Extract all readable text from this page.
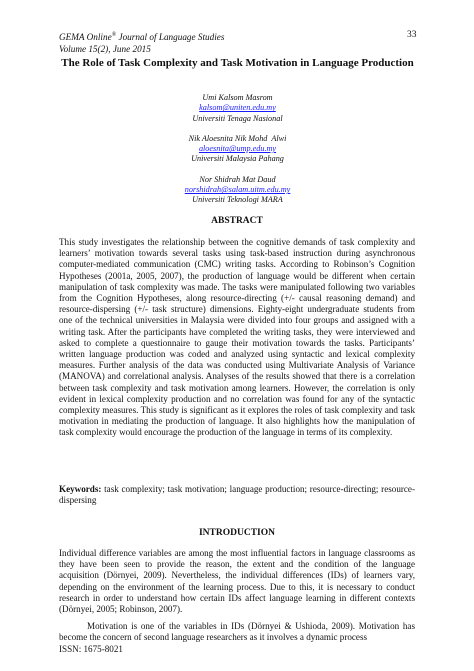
GEMA Online® Journal of Language Studies
Volume 15(2), June 2015
33
The Role of Task Complexity and Task Motivation in Language Production
Umi Kalsom Masrom
kalsom@uniten.edu.my
Universiti Tenaga Nasional
Nik Aloesnita Nik Mohd  Alwi
aloesnita@ump.edu.my
Universiti Malaysia Pahang
Nor Shidrah Mat Daud
norshidrah@salam.uitm.edu.my
Universiti Teknologi MARA
ABSTRACT
This study investigates the relationship between the cognitive demands of task complexity and learners’ motivation towards several tasks using task-based instruction during asynchronous computer-mediated communication (CMC) writing tasks. According to Robinson’s Cognition Hypotheses (2001a, 2005, 2007), the production of language would be different when certain manipulation of task complexity was made. The tasks were manipulated following two variables from the Cognition Hypotheses, along resource-directing (+/- causal reasoning demand) and resource-dispersing (+/- task structure) dimensions. Eighty-eight undergraduate students from one of the technical universities in Malaysia were divided into four groups and assigned with a writing task. After the participants have completed the writing tasks, they were interviewed and asked to complete a questionnaire to gauge their motivation towards the tasks. Participants’ written language production was coded and analyzed using syntactic and lexical complexity measures. Further analysis of the data was conducted using Multivariate Analysis of Variance (MANOVA) and correlational analysis. Analyses of the results showed that there is a correlation between task complexity and task motivation among learners. However, the correlation is only evident in lexical complexity production and no correlation was found for any of the syntactic complexity measures. This study is significant as it explores the roles of task complexity and task motivation in mediating the production of language. It also highlights how the manipulation of task complexity would encourage the production of the language in terms of its complexity.
Keywords: task complexity; task motivation; language production; resource-directing; resource-dispersing
INTRODUCTION

Individual difference variables are among the most influential factors in language classrooms as they have been seen to provide the reason, the extent and the condition of the language acquisition (Dörnyei, 2009). Nevertheless, the individual differences (IDs) of learners vary, depending on the environment of the learning process. Due to this, it is necessary to conduct research in order to understand how certain IDs affect language learning in different contexts (Dörnyei, 2005; Robinson, 2007).

Motivation is one of the variables in IDs (Dörnyei & Ushioda, 2009). Motivation has become the concern of second language researchers as it involves a dynamic process

ISSN: 1675-8021
